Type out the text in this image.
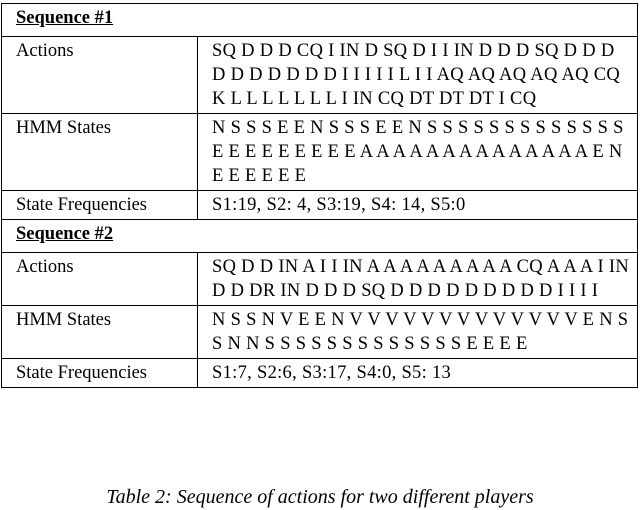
Sequence #1	
Actions	SQ D D D CQ I IN D SQ D I I IN D D D SQ D D D D D D D D D D I I I I I L I I AQ AQ AQ AQ AQ CQ K L L L L L L L I IN CQ DT DT DT I CQ
HMM States	N S S S E E N S S S E E N S S S S S S S S S S S S S E E E E E E E E E A A A A A A A A A A A A A A E N E E E E E E
State Frequencies	S1:19, S2: 4, S3:19, S4: 14, S5:0
Sequence #2	
Actions	SQ D D IN A I I IN A A A A A A A A A CQ A A A I IN D D DR IN D D D SQ D D D D D D D D D I I I I
HMM States	N S S N V E E N V V V V V V V V V V V V V E N S S N N S S S S S S S S S S S S S E E E E
State Frequencies	S1:7, S2:6, S3:17, S4:0, S5: 13
Table 2: Sequence of actions for two different players
